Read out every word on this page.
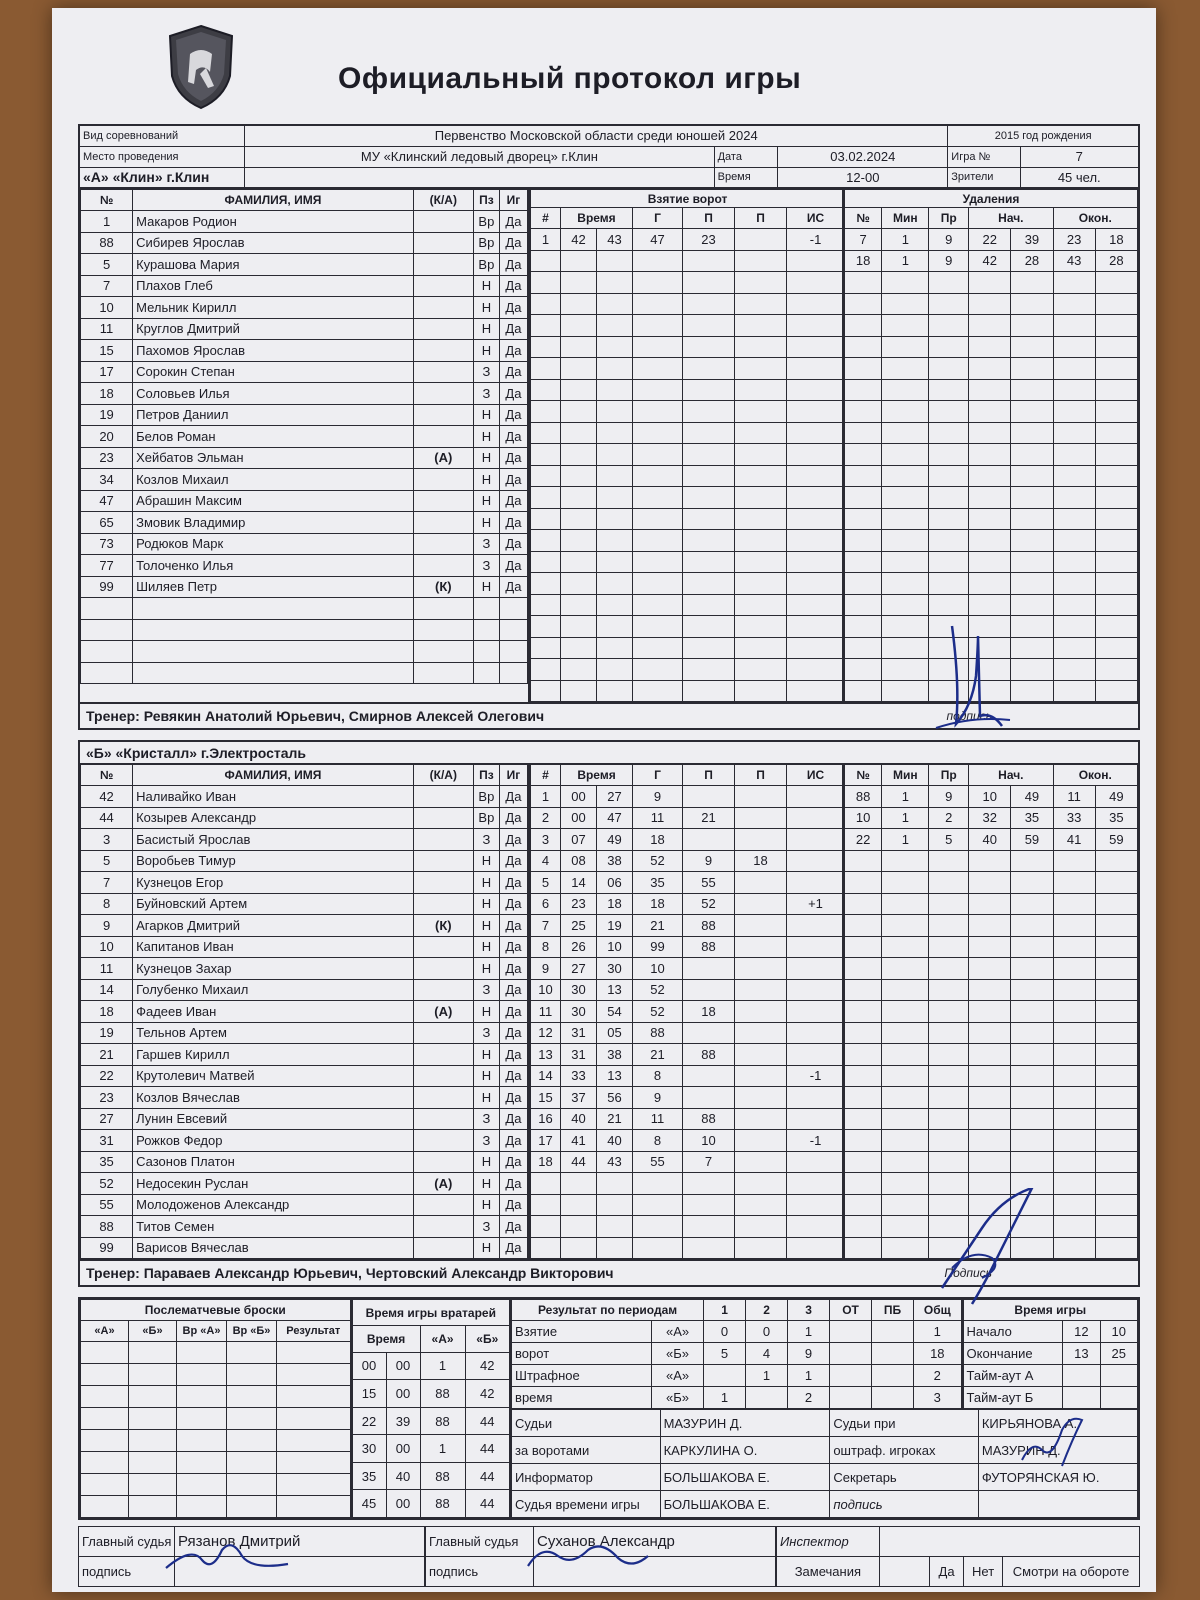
Официальный протокол игры
Вид соревнований	Первенство Московской области среди юношей 2024			2015 год рождения	
Место проведения	МУ «Клинский ледовый дворец» г.Клин	Дата	03.02.2024	Игра №	7
«А» «Клин» г.Клин		Время	12-00	Зрители	45 чел.
№	ФАМИЛИЯ, ИМЯ	(К/А)	Пз	Иг
1	Макаров Родион		Вр	Да
88	Сибирев Ярослав		Вр	Да
5	Курашова Мария		Вр	Да
7	Плахов Глеб		Н	Да
10	Мельник Кирилл		Н	Да
11	Круглов Дмитрий		Н	Да
15	Пахомов Ярослав		Н	Да
17	Сорокин Степан		З	Да
18	Соловьев Илья		З	Да
19	Петров Даниил		Н	Да
20	Белов Роман		Н	Да
23	Хейбатов Эльман	(А)	Н	Да
34	Козлов Михаил		Н	Да
47	Абрашин Максим		Н	Да
65	Змовик Владимир		Н	Да
73	Родюков Марк		З	Да
77	Толоченко Илья		З	Да
99	Шиляев Петр	(К)	Н	Да

Взятие ворот						
#	Время		Г	П	П	ИС
1	42	43	47	23		-1

Удаления						
№	Мин	Пр	Нач.		Окон.	
7	1	9	22	39	23	18
18	1	9	42	28	43	28

Тренер: Ревякин Анатолий Юрьевич, Смирнов Алексей Олегович	подпись
«Б» «Кристалл» г.Электросталь
№	ФАМИЛИЯ, ИМЯ	(К/А)	Пз	Иг
42	Наливайко Иван		Вр	Да
44	Козырев Александр		Вр	Да
3	Басистый Ярослав		З	Да
5	Воробьев Тимур		Н	Да
7	Кузнецов Егор		Н	Да
8	Буйновский Артем		Н	Да
9	Агарков Дмитрий	(К)	Н	Да
10	Капитанов Иван		Н	Да
11	Кузнецов Захар		Н	Да
14	Голубенко Михаил		З	Да
18	Фадеев Иван	(А)	Н	Да
19	Тельнов Артем		З	Да
21	Гаршев Кирилл		Н	Да
22	Крутолевич Матвей		Н	Да
23	Козлов Вячеслав		Н	Да
27	Лунин Евсевий		З	Да
31	Рожков Федор		З	Да
35	Сазонов Платон		Н	Да
52	Недосекин Руслан	(А)	Н	Да
55	Молодоженов Александр		Н	Да
88	Титов Семен		З	Да
99	Варисов Вячеслав		Н	Да
#	Время		Г	П	П	ИС
1	00	27	9			
2	00	47	11	21		
3	07	49	18			
4	08	38	52	9	18	
5	14	06	35	55		
6	23	18	18	52		+1
7	25	19	21	88		
8	26	10	99	88		
9	27	30	10			
10	30	13	52			
11	30	54	52	18		
12	31	05	88			
13	31	38	21	88		
14	33	13	8			-1
15	37	56	9			
16	40	21	11	88		
17	41	40	8	10		-1
18	44	43	55	7		

№	Мин	Пр	Нач.		Окон.	
88	1	9	10	49	11	49
10	1	2	32	35	33	35
22	1	5	40	59	41	59

Тренер: Параваев Александр Юрьевич, Чертовский Александр Викторович	Подпись
Послематчевые броски				
«А»	«Б»	Вр «А»	Вр «Б»	Результат

Время игры вратарей			
Время		«А»	«Б»
00	00	1	42
15	00	88	42
22	39	88	44
30	00	1	44
35	40	88	44
45	00	88	44
Результат по периодам		1	2	3	ОТ	ПБ	Общ
Взятие	«А»	0	0	1			1
ворот	«Б»	5	4	9			18
Штрафное	«А»		1	1			2
время	«Б»	1		2			3
Время игры		
Начало	12	10
Окончание	13	25
Тайм-аут А		
Тайм-аут Б		
Судьи	МАЗУРИН Д.	Судьи при	КИРЬЯНОВА А.
за воротами	КАРКУЛИНА О.	оштраф. игроках	МАЗУРИН Д.
Информатор	БОЛЬШАКОВА Е.	Секретарь	ФУТОРЯНСКАЯ Ю.
Судья времени игры	БОЛЬШАКОВА Е.	подпись	
Главный судья	Рязанов Дмитрий
подпись	
Главный судья	Суханов Александр
подпись	
Инспектор				
Замечания		Да	Нет	Смотри на обороте
